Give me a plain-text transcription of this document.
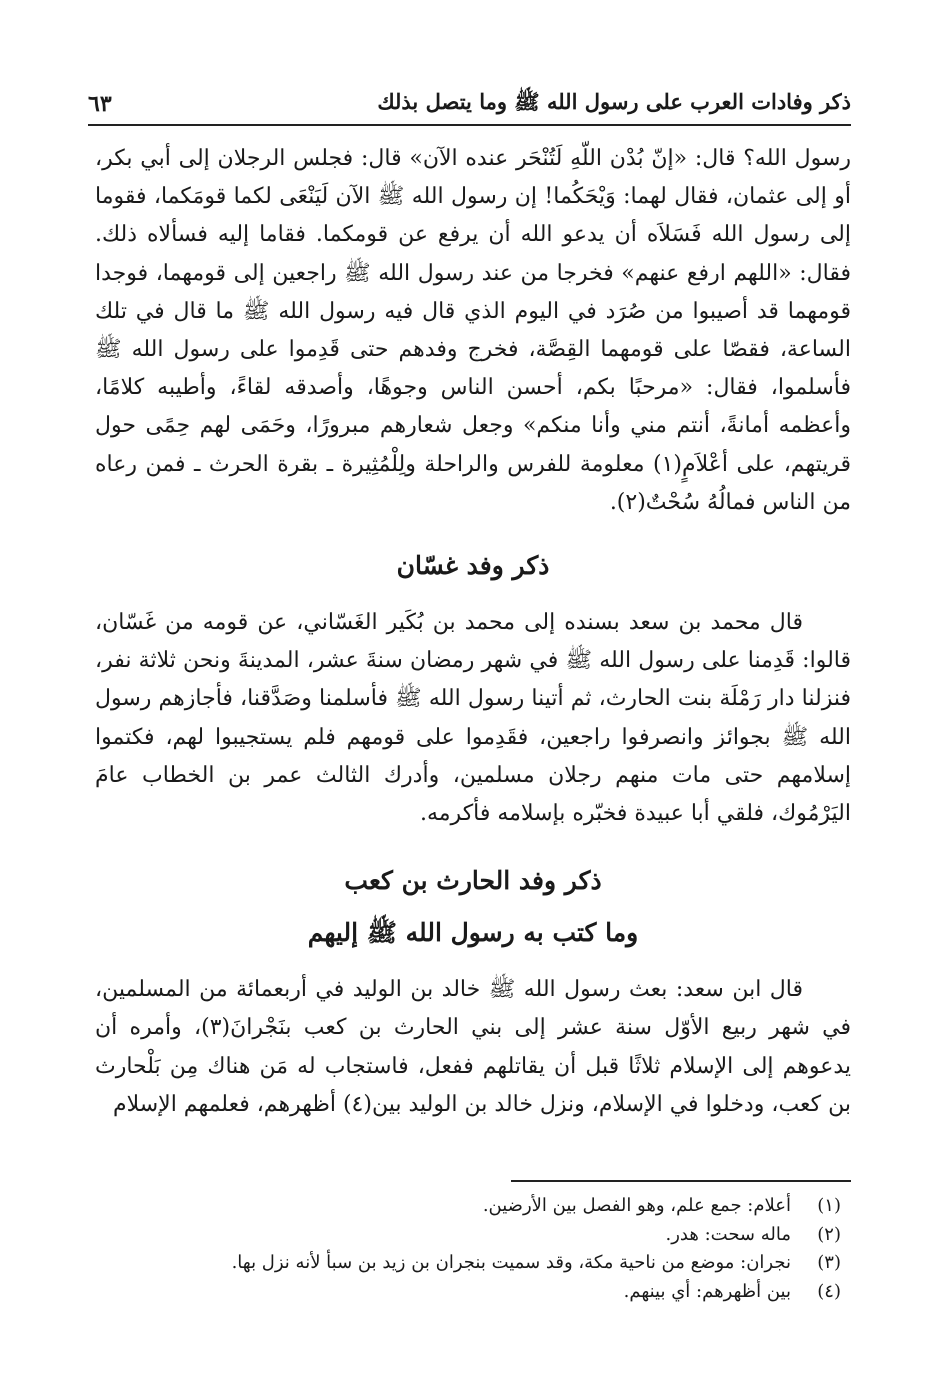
ذكر وفادات العرب على رسول الله ﷺ وما يتصل بذلك
٦٣

رسول الله؟ قال: «إنّ بُدْن اللّهِ لَتُنْحَر عنده الآن» قال: فجلس الرجلان إلى أبي بكر، أو إلى عثمان، فقال لهما: وَيْحَكُما! إن رسول الله ﷺ الآن لَيَنْعَى لكما قومَكما، فقوما إلى رسول الله فَسَلاَه أن يدعو الله أن يرفع عن قومكما. فقاما إليه فسألاه ذلك. فقال: «اللهم ارفع عنهم» فخرجا من عند رسول الله ﷺ راجعين إلى قومهما، فوجدا قومهما قد أصيبوا من صُرَد في اليوم الذي قال فيه رسول الله ﷺ ما قال في تلك الساعة، فقصّا على قومهما القِصَّة، فخرج وفدهم حتى قَدِموا على رسول الله ﷺ فأسلموا، فقال: «مرحبًا بكم، أحسن الناس وجوهًا، وأصدقه لقاءً، وأطيبه كلامًا، وأعظمه أمانةً، أنتم مني وأنا منكم» وجعل شعارهم مبرورًا، وحَمَى لهم حِمًى حول قريتهم، على أعْلاَمٍ(١) معلومة للفرس والراحلة ولِلْمُثِيرة ـ بقرة الحرث ـ فمن رعاه من الناس فمالُهُ سُحْتٌ(٢).

ذكر وفد غسّان

قال محمد بن سعد بسنده إلى محمد بن بُكَير الغَسّاني، عن قومه من غَسّان، قالوا: قَدِمنا على رسول الله ﷺ في شهر رمضان سنةَ عشر، المدينةَ ونحن ثلاثة نفر، فنزلنا دار رَمْلَة بنت الحارث، ثم أتينا رسول الله ﷺ فأسلمنا وصَدَّقنا، فأجازهم رسول الله ﷺ بجوائز وانصرفوا راجعين، فقَدِموا على قومهم فلم يستجيبوا لهم، فكتموا إسلامهم حتى مات منهم رجلان مسلمين، وأدرك الثالث عمر بن الخطاب عامَ اليَرْمُوك، فلقي أبا عبيدة فخبّره بإسلامه فأكرمه.

ذكر وفد الحارث بن كعب

وما كتب به رسول الله ﷺ إليهم

قال ابن سعد: بعث رسول الله ﷺ خالد بن الوليد في أربعمائة من المسلمين، في شهر ربيع الأوّل سنة عشر إلى بني الحارث بن كعب بنَجْرانَ(٣)، وأمره أن يدعوهم إلى الإسلام ثلاثًا قبل أن يقاتلهم ففعل، فاستجاب له مَن هناك مِن بَلْحارث بن كعب، ودخلوا في الإسلام، ونزل خالد بن الوليد بين(٤) أظهرهم، فعلمهم الإسلام

(١)
أعلام: جمع علم، وهو الفصل بين الأرضين.
(٢)
ماله سحت: هدر.
(٣)
نجران: موضع من ناحية مكة، وقد سميت بنجران بن زيد بن سبأ لأنه نزل بها.
(٤)
بين أظهرهم: أي بينهم.
